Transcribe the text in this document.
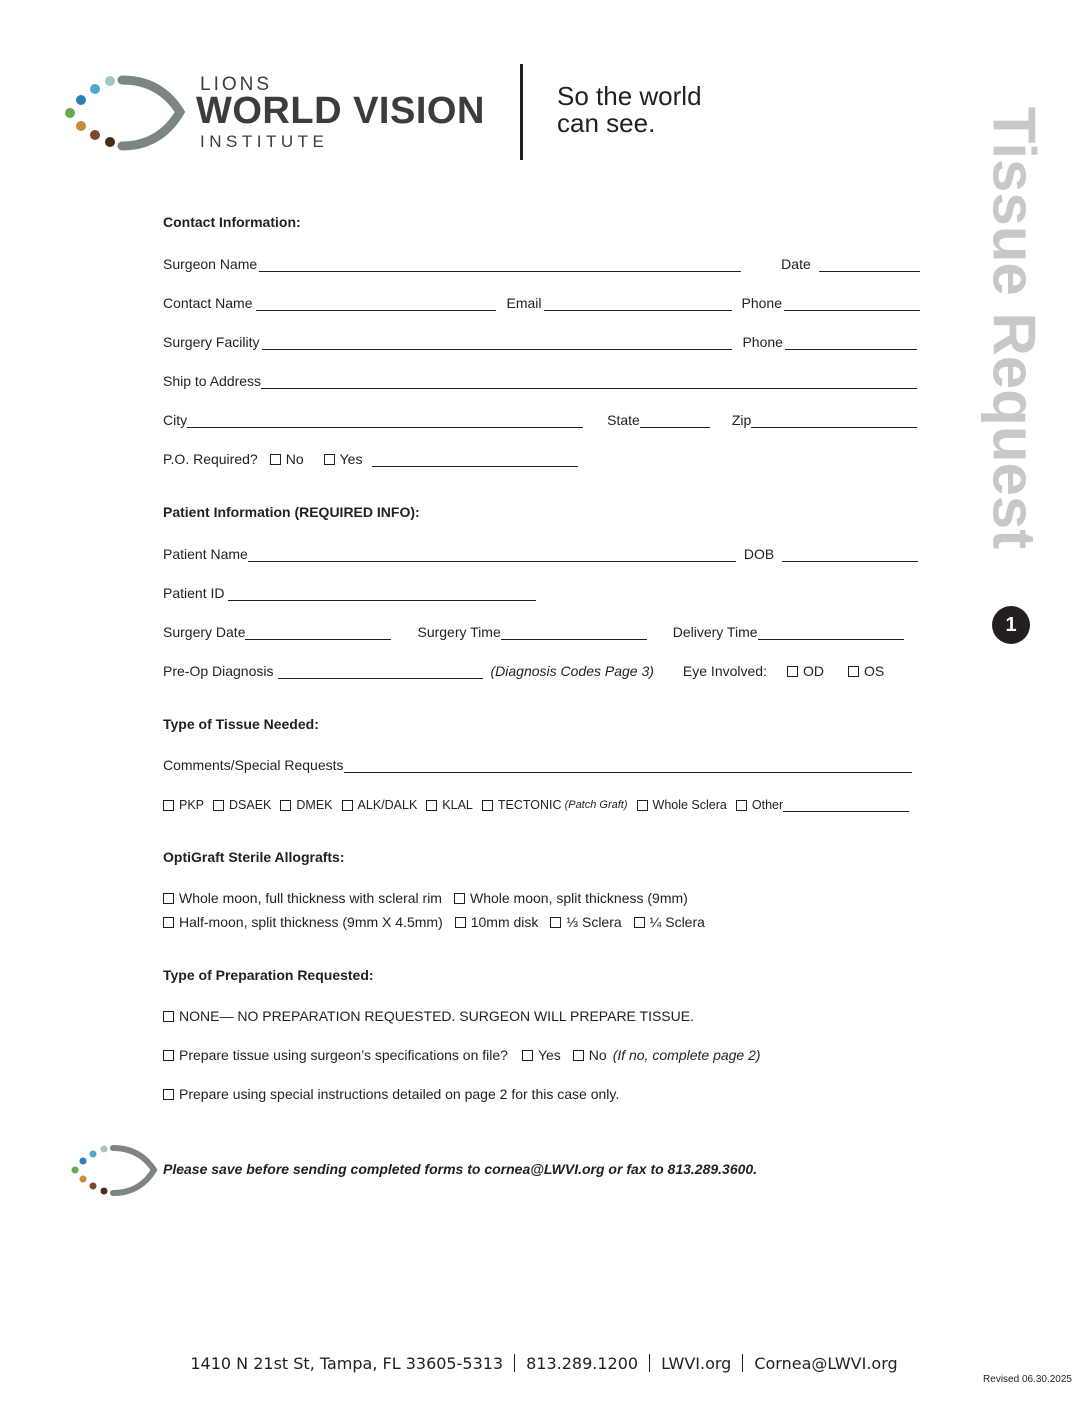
LIONS
WORLD VISION
INSTITUTE
So the world
can see.	Tissue Request
1
Contact Information:
Surgeon Name	Date
Contact Name	Email	Phone
Surgery Facility	Phone
Ship to Address
City	State	Zip
P.O. Required? No	Yes
Patient Information (REQUIRED INFO):
Patient Name	DOB
Patient ID
Surgery Date	Surgery Time	Delivery Time
Pre-Op Diagnosis	(Diagnosis Codes Page 3) Eye Involved:	OD	OS
Type of Tissue Needed:
Comments/Special Requests
PKP DSAEK DMEK ALK/DALK KLAL TECTONIC (Patch Graft) Whole Sclera Other
OptiGraft Sterile Allografts:
Whole moon, full thickness with scleral rim Whole moon, split thickness (9mm)
Half-moon, split thickness (9mm X 4.5mm) 10mm disk ⅓ Sclera ¼ Sclera
Type of Preparation Requested:
NONE— NO PREPARATION REQUESTED. SURGEON WILL PREPARE TISSUE.
Prepare tissue using surgeon’s specifications on file? Yes No (If no, complete page 2)
Prepare using special instructions detailed on page 2 for this case only.
Please save before sending completed forms to cornea@LWVI.org or fax to 813.289.3600.
1410 N 21st St, Tampa, FL 33605-5313 813.289.1200 LWVI.org Cornea@LWVI.org
Revised 06.30.2025
